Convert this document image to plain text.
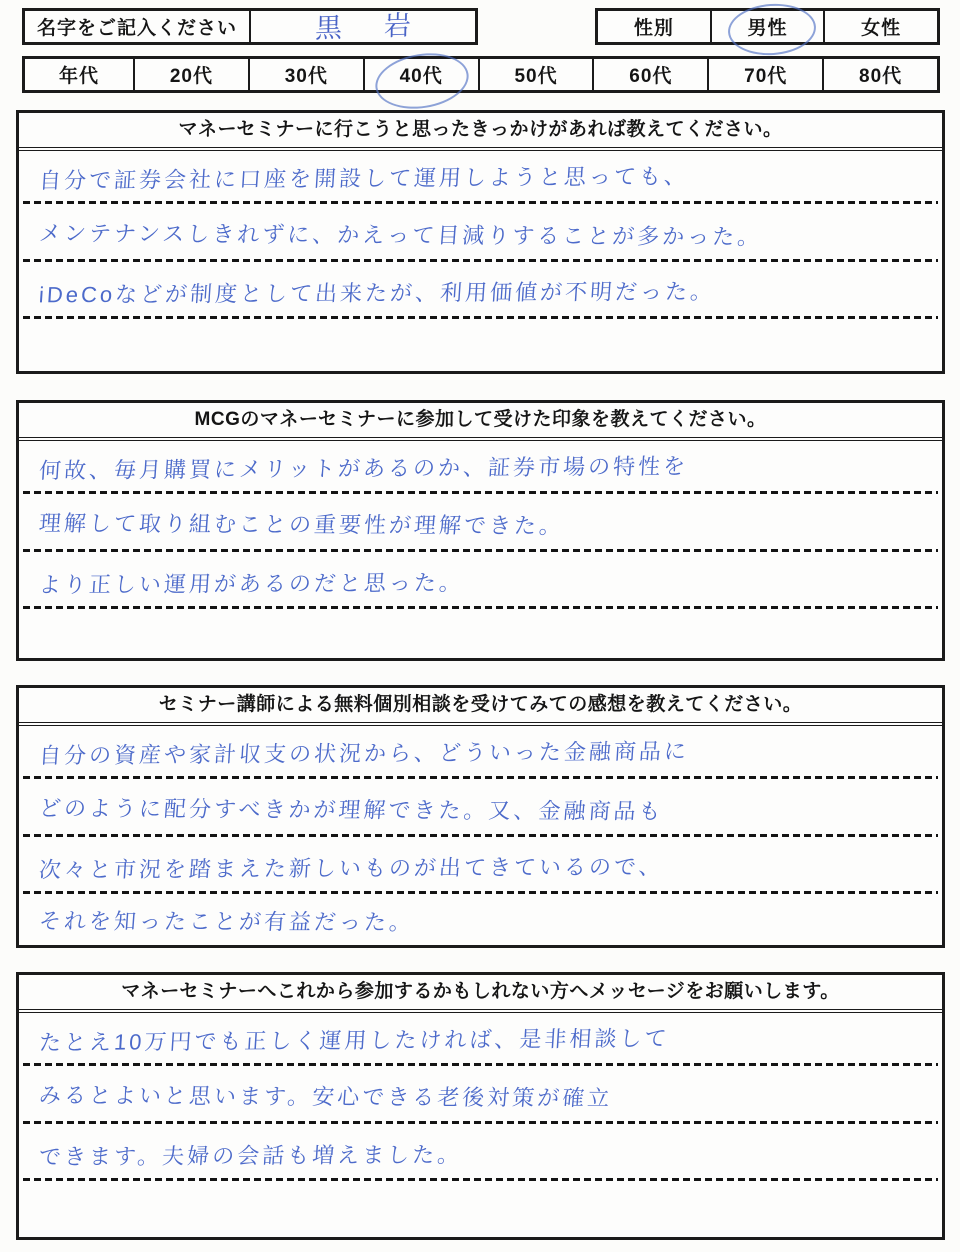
名字をご記入ください	黒岩	性別	男性	女性
年代	20代	30代	40代	50代	60代	70代	80代
マネーセミナーに行こうと思ったきっかけがあれば教えてください。
自分で証券会社に口座を開設して運用しようと思っても、
メンテナンスしきれずに、かえって目減りすることが多かった。
iDeCoなどが制度として出来たが、利用価値が不明だった。
MCGのマネーセミナーに参加して受けた印象を教えてください。
何故、毎月購買にメリットがあるのか、証券市場の特性を
理解して取り組むことの重要性が理解できた。
より正しい運用があるのだと思った。
セミナー講師による無料個別相談を受けてみての感想を教えてください。
自分の資産や家計収支の状況から、どういった金融商品に
どのように配分すべきかが理解できた。又、金融商品も
次々と市況を踏まえた新しいものが出てきているので、
それを知ったことが有益だった。
マネーセミナーへこれから参加するかもしれない方へメッセージをお願いします。
たとえ10万円でも正しく運用したければ、是非相談して
みるとよいと思います。安心できる老後対策が確立
できます。夫婦の会話も増えました。
